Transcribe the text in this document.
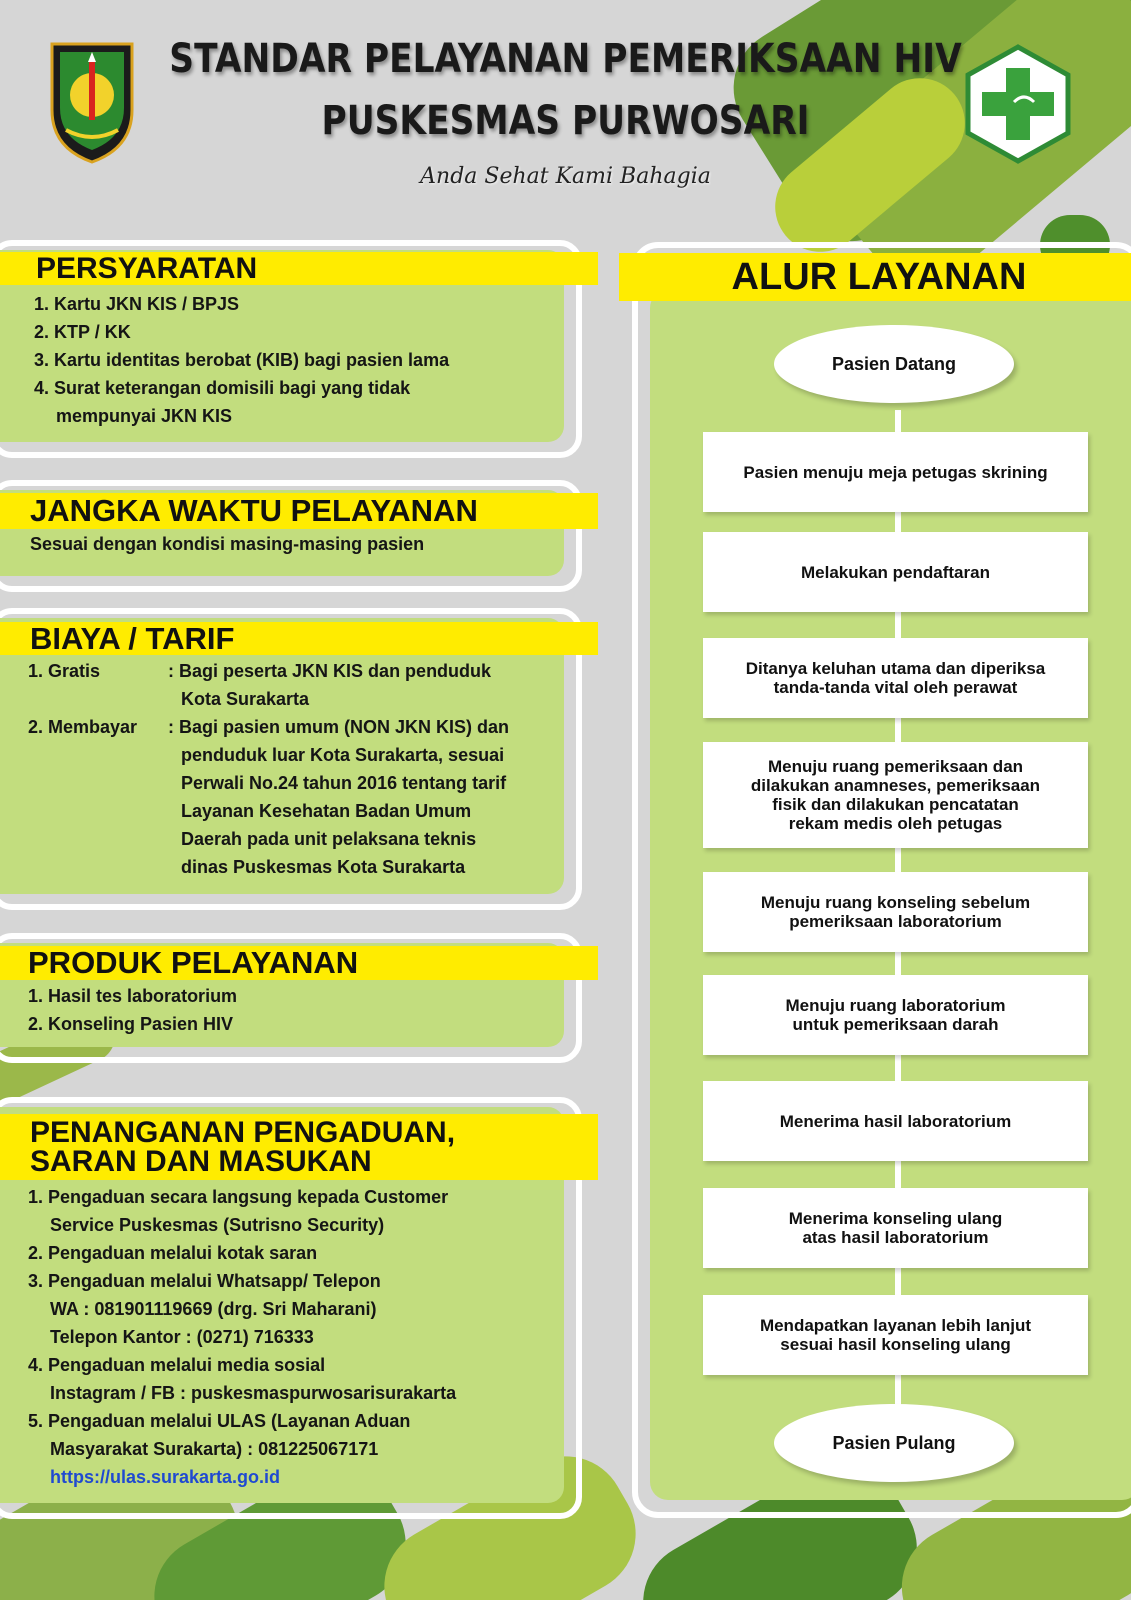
STANDAR PELAYANAN PEMERIKSAAN HIV
PUSKESMAS PURWOSARI
Anda Sehat Kami Bahagia
PERSYARATAN
1. Kartu JKN KIS / BPJS
2. KTP / KK
3. Kartu identitas berobat (KIB) bagi pasien lama
4. Surat keterangan domisili bagi yang tidak
mempunyai JKN KIS
JANGKA WAKTU PELAYANAN
Sesuai dengan kondisi masing-masing pasien
BIAYA / TARIF
1. Gratis	: Bagi peserta JKN KIS dan penduduk
Kota Surakarta
2. Membayar : Bagi pasien umum (NON JKN KIS) dan
penduduk luar Kota Surakarta, sesuai
Perwali No.24 tahun 2016 tentang tarif
Layanan Kesehatan Badan Umum
Daerah pada unit pelaksana teknis
dinas Puskesmas Kota Surakarta
PRODUK PELAYANAN
1. Hasil tes laboratorium
2. Konseling Pasien HIV
PENANGANAN PENGADUAN,
SARAN DAN MASUKAN
1. Pengaduan secara langsung kepada Customer
Service Puskesmas (Sutrisno Security)
2. Pengaduan melalui kotak saran
3. Pengaduan melalui Whatsapp/ Telepon
WA : 081901119669 (drg. Sri Maharani)
Telepon Kantor : (0271) 716333
4. Pengaduan melalui media sosial
Instagram / FB : puskesmaspurwosarisurakarta
5. Pengaduan melalui ULAS (Layanan Aduan
Masyarakat Surakarta) : 081225067171
https://ulas.surakarta.go.id
ALUR LAYANAN
Pasien Datang
Pasien menuju meja petugas skrining
Melakukan pendaftaran
Ditanya keluhan utama dan diperiksa
tanda-tanda vital oleh perawat
Menuju ruang pemeriksaan dan
dilakukan anamneses, pemeriksaan
fisik dan dilakukan pencatatan
rekam medis oleh petugas
Menuju ruang konseling sebelum
pemeriksaan laboratorium
Menuju ruang laboratorium
untuk pemeriksaan darah
Menerima hasil laboratorium
Menerima konseling ulang
atas hasil laboratorium
Mendapatkan layanan lebih lanjut
sesuai hasil konseling ulang
Pasien Pulang
